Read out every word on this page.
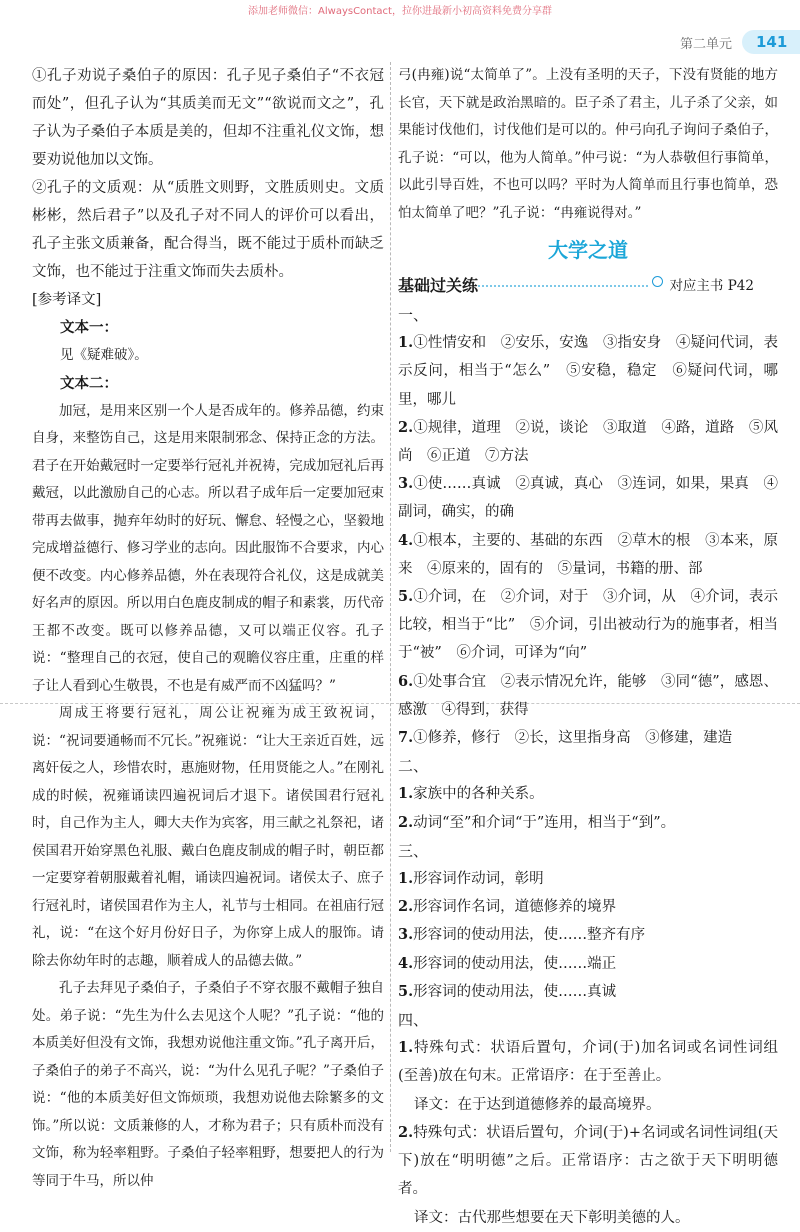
添加老师微信：AlwaysContact，拉你进最新小初高资料免费分享群
第二单元	141

①孔子劝说子桑伯子的原因：孔子见子桑伯子“不衣冠而处”，但孔子认为“其质美而无文”“欲说而文之”，孔子认为子桑伯子本质是美的，但却不注重礼仪文饰，想要劝说他加以文饰。

②孔子的文质观：从“质胜文则野，文胜质则史。文质彬彬，然后君子”以及孔子对不同人的评价可以看出，孔子主张文质兼备，配合得当，既不能过于质朴而缺乏文饰，也不能过于注重文饰而失去质朴。

[参考译文]

文本一：

见《疑难破》。

文本二：

加冠，是用来区别一个人是否成年的。修养品德，约束自身，来整饬自己，这是用来限制邪念、保持正念的方法。君子在开始戴冠时一定要举行冠礼并祝祷，完成加冠礼后再戴冠，以此激励自己的心志。所以君子成年后一定要加冠束带再去做事，抛弃年幼时的好玩、懈怠、轻慢之心，坚毅地完成增益德行、修习学业的志向。因此服饰不合要求，内心便不改变。内心修养品德，外在表现符合礼仪，这是成就美好名声的原因。所以用白色鹿皮制成的帽子和素裳，历代帝王都不改变。既可以修养品德，又可以端正仪容。孔子说：“整理自己的衣冠，使自己的观瞻仪容庄重，庄重的样子让人看到心生敬畏，不也是有威严而不凶猛吗？”

周成王将要行冠礼，周公让祝雍为成王致祝词，说：“祝词要通畅而不冗长。”祝雍说：“让大王亲近百姓，远离奸佞之人，珍惜农时，惠施财物，任用贤能之人。”在刚礼成的时候，祝雍诵读四遍祝词后才退下。诸侯国君行冠礼时，自己作为主人，卿大夫作为宾客，用三献之礼祭祀，诸侯国君开始穿黑色礼服、戴白色鹿皮制成的帽子时，朝臣都一定要穿着朝服戴着礼帽，诵读四遍祝词。诸侯太子、庶子行冠礼时，诸侯国君作为主人，礼节与士相同。在祖庙行冠礼，说：“在这个好月份好日子，为你穿上成人的服饰。请除去你幼年时的志趣，顺着成人的品德去做。”

孔子去拜见子桑伯子，子桑伯子不穿衣服不戴帽子独自处。弟子说：“先生为什么去见这个人呢？”孔子说：“他的本质美好但没有文饰，我想劝说他注重文饰。”孔子离开后，子桑伯子的弟子不高兴，说：“为什么见孔子呢？”子桑伯子说：“他的本质美好但文饰烦琐，我想劝说他去除繁多的文饰。”所以说：文质兼修的人，才称为君子；只有质朴而没有文饰，称为轻率粗野。子桑伯子轻率粗野，想要把人的行为等同于牛马，所以仲

弓(冉雍)说“太简单了”。上没有圣明的天子，下没有贤能的地方长官，天下就是政治黑暗的。臣子杀了君主，儿子杀了父亲，如果能讨伐他们，讨伐他们是可以的。仲弓向孔子询问子桑伯子，孔子说：“可以，他为人简单。”仲弓说：“为人恭敬但行事简单，以此引导百姓，不也可以吗？平时为人简单而且行事也简单，恐怕太简单了吧？”孔子说：“冉雍说得对。”

大学之道
基础过关练	对应主书 P42

一、

1.①性情安和　②安乐，安逸　③指安身　④疑问代词，表示反问，相当于“怎么”　⑤安稳，稳定　⑥疑问代词，哪里，哪儿

2.①规律，道理　②说，谈论　③取道　④路，道路　⑤风尚　⑥正道　⑦方法

3.①使……真诚　②真诚，真心　③连词，如果，果真　④副词，确实，的确

4.①根本，主要的、基础的东西　②草木的根　③本来，原来　④原来的，固有的　⑤量词，书籍的册、部

5.①介词，在　②介词，对于　③介词，从　④介词，表示比较，相当于“比”　⑤介词，引出被动行为的施事者，相当于“被”　⑥介词，可译为“向”

6.①处事合宜　②表示情况允许，能够　③同“德”，感恩、感激　④得到，获得

7.①修养，修行　②长，这里指身高　③修建，建造

二、

1.家族中的各种关系。

2.动词“至”和介词“于”连用，相当于“到”。

三、

1.形容词作动词，彰明

2.形容词作名词，道德修养的境界

3.形容词的使动用法，使……整齐有序

4.形容词的使动用法，使……端正

5.形容词的使动用法，使……真诚

四、

1.特殊句式：状语后置句，介词(于)加名词或名词性词组(至善)放在句末。正常语序：在于至善止。

译文：在于达到道德修养的最高境界。

2.特殊句式：状语后置句，介词(于)+名词或名词性词组(天下)放在“明明德”之后。正常语序：古之欲于天下明明德者。

译文：古代那些想要在天下彰明美德的人。
